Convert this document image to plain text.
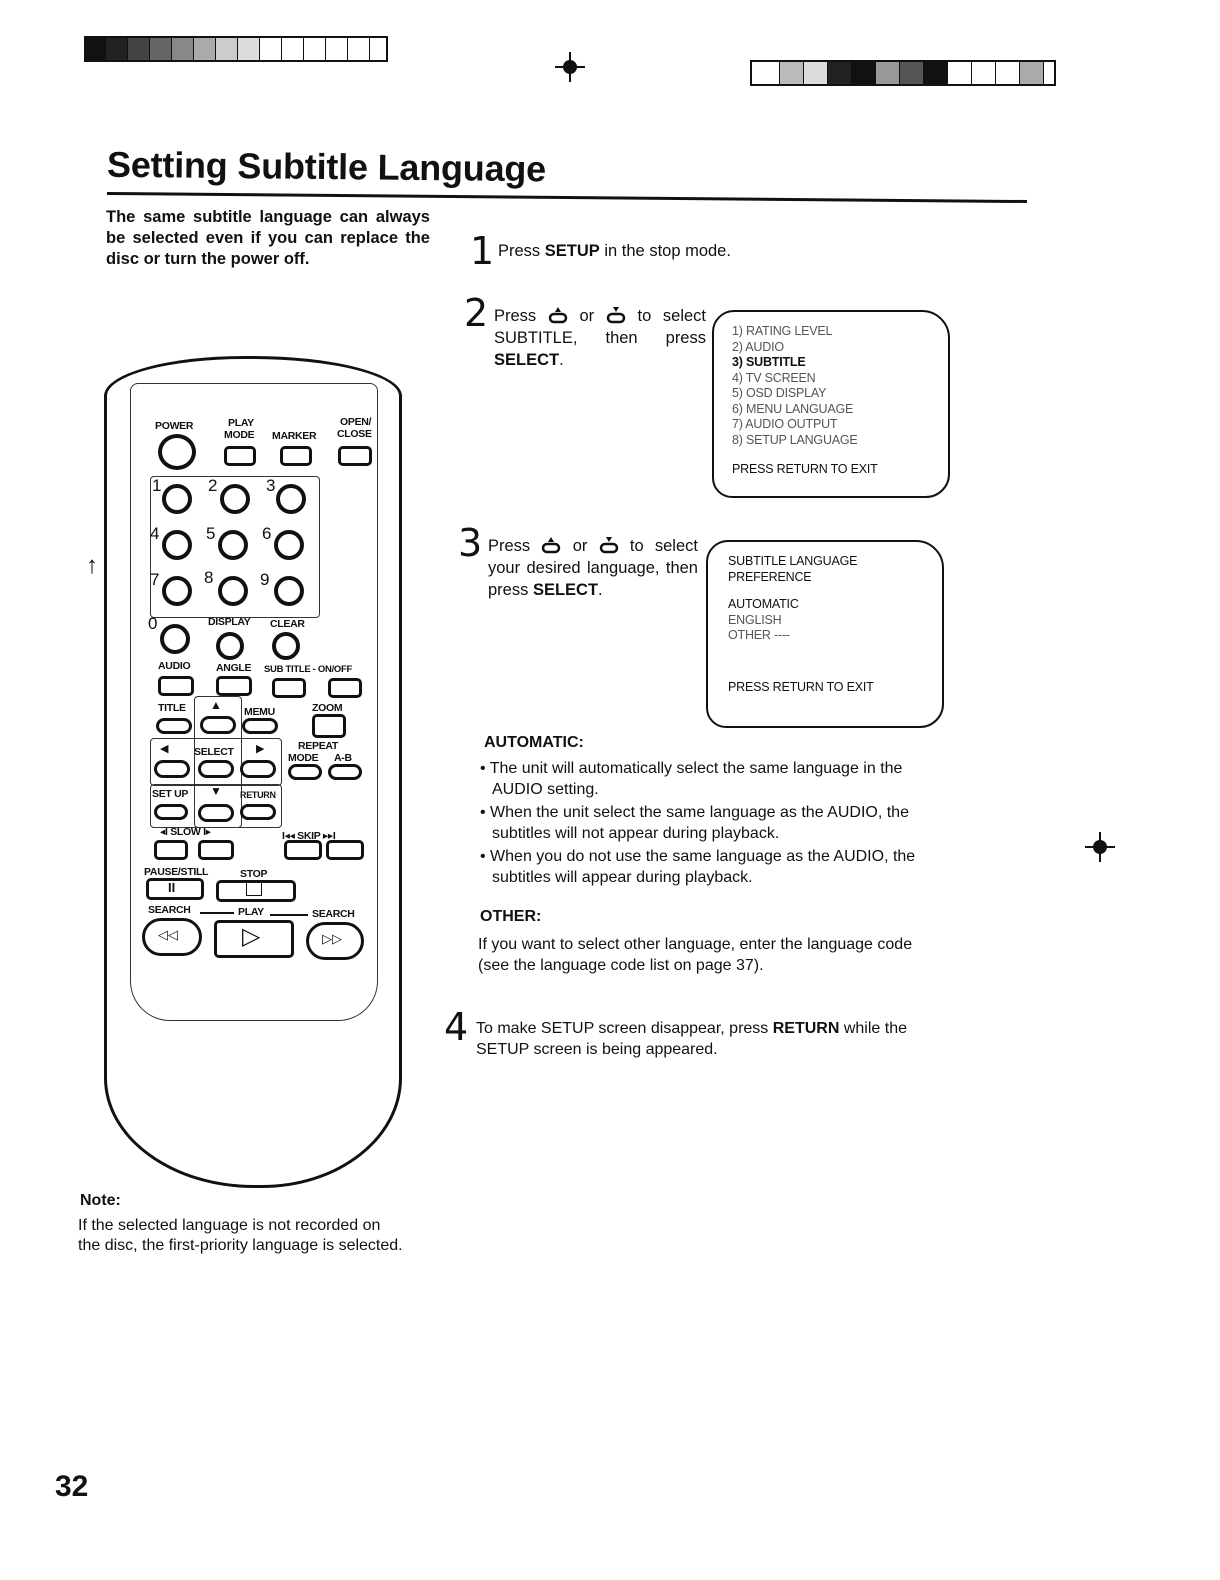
Setting Subtitle Language
The same subtitle language can always be selected even if you can replace the disc or turn the power off.	1 Press SETUP in the stop mode.
2 Press	or	to select SUBTITLE, then press SELECT.
1) RATING LEVEL
2) AUDIO
3) SUBTITLE
4) TV SCREEN
5) OSD DISPLAY
6) MENU LANGUAGE
7) AUDIO OUTPUT
8) SETUP LANGUAGE
PRESS RETURN TO EXIT
3 Press	or	to select your desired language, then press SELECT.
SUBTITLE LANGUAGE
PREFERENCE
AUTOMATIC
ENGLISH
OTHER ----
PRESS RETURN TO EXIT
AUTOMATIC:
• The unit will automatically select the same language in the AUDIO setting.
• When the unit select the same language as the AUDIO, the subtitles will not appear during playback.
• When you do not use the same language as the AUDIO, the subtitles will appear during playback.
OTHER:
If you want to select other language, enter the language code (see the language code list on page 37).
4 To make SETUP screen disappear, press RETURN while the SETUP screen is being appeared.
↑
POWER	PLAY
MODE MARKER
OPEN/
CLOSE
1	2	3
4	5	6
7	8	9
0	DISPLAY CLEAR
AUDIO ANGLE SUB TITLE - ON/OFF
TITLE ▲ MEMU	ZOOM
◀ SELECT ▶	REPEAT
MODE A-B
SET UP ▼ RETURN
◂I SLOW I▸	I◂◂ SKIP ▸▸I
PAUSE/STILL	STOP
II
SEARCH	PLAY	SEARCH
◁◁	▷	▷▷
Note:
If the selected language is not recorded on the disc, the first-priority language is selected.
32
